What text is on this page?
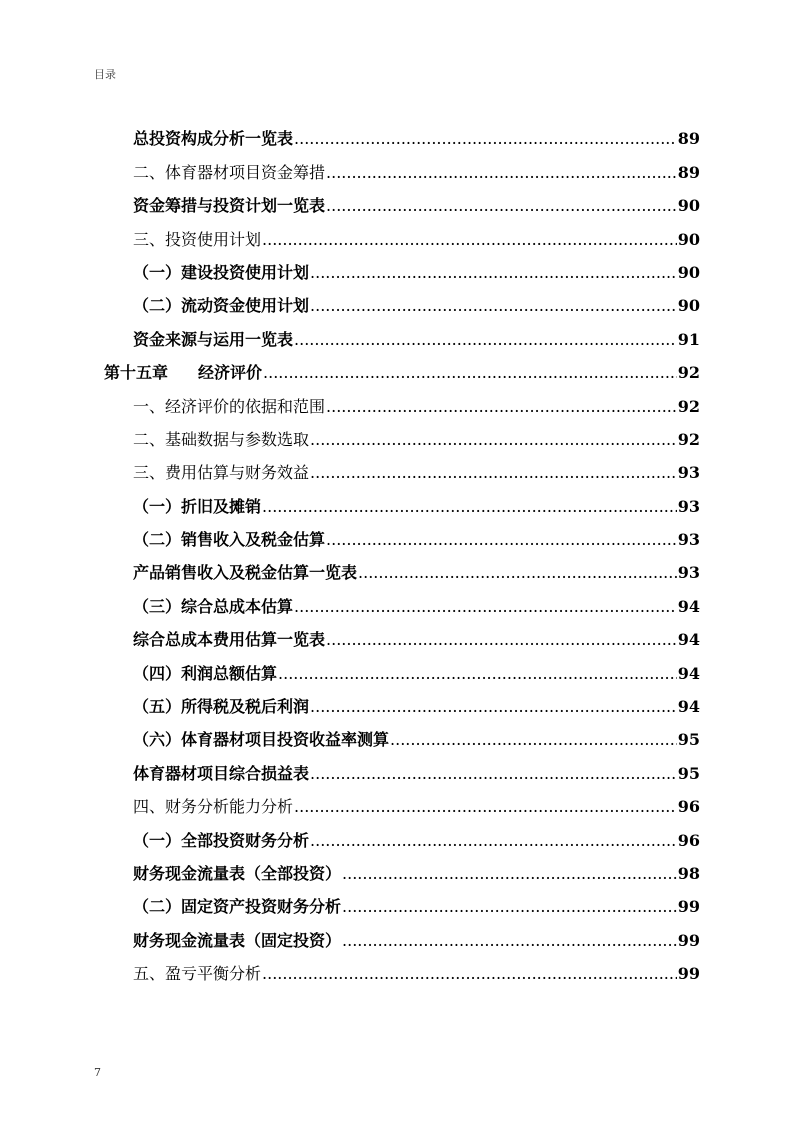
目录
总投资构成分析一览表 .....	89
二、体育器材项目资金筹措 .....	89
资金筹措与投资计划一览表 .....	90
三、投资使用计划 .....	90
（一）建设投资使用计划 .....	90
（二）流动资金使用计划 .....	90
资金来源与运用一览表 .....	91
第十五章 经济评价 .....	92
一、经济评价的依据和范围 .....	92
二、基础数据与参数选取 .....	92
三、费用估算与财务效益 .....	93
（一）折旧及摊销 .....	93
（二）销售收入及税金估算 .....	93
产品销售收入及税金估算一览表 .....	93
（三）综合总成本估算 .....	94
综合总成本费用估算一览表 .....	94
（四）利润总额估算 .....	94
（五）所得税及税后利润 .....	94
（六）体育器材项目投资收益率测算 .....	95
体育器材项目综合损益表 .....	95
四、财务分析能力分析 .....	96
（一）全部投资财务分析 .....	96
财务现金流量表（全部投资） .....	98
（二）固定资产投资财务分析 .....	99
财务现金流量表（固定投资） .....	99
五、盈亏平衡分析 .....	99
7
